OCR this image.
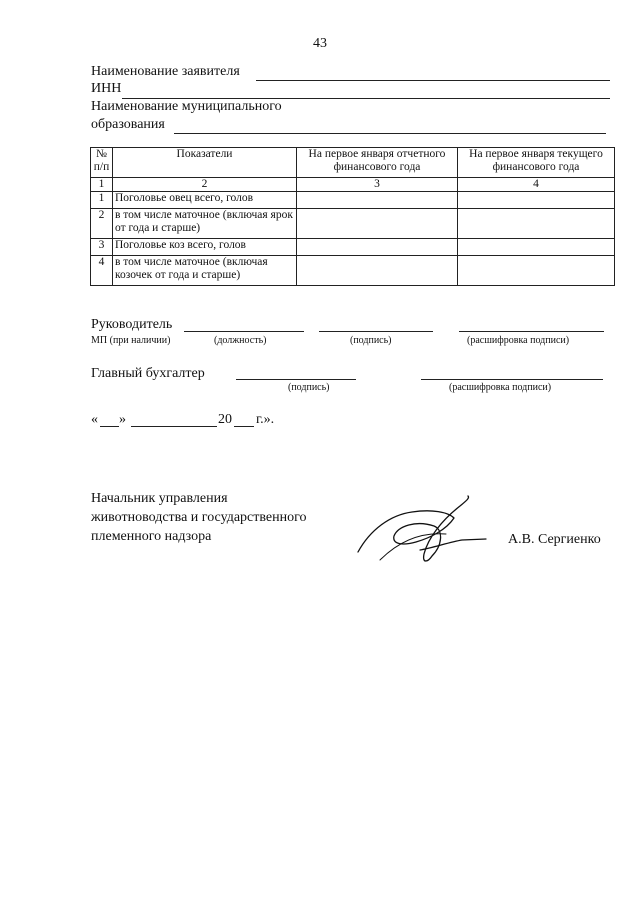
43
Наименование заявителя
ИНН
Наименование муниципального
образования
№ п/п	Показатели	На первое января отчетного финансового года	На первое января текущего финансового года
1	2	3	4
1	Поголовье овец всего, голов		
2	в том числе маточное (включая ярок от года и старше)		
3	Поголовье коз всего, голов		
4	в том числе маточное (включая козочек от года и старше)		
Руководитель
МП (при наличии)	(должность)	(подпись)	(расшифровка подписи)
Главный бухгалтер
(подпись)	(расшифровка подписи)
« »	20 г.».
Начальник управления
животноводства и государственного
племенного надзора	А.В. Сергиенко
